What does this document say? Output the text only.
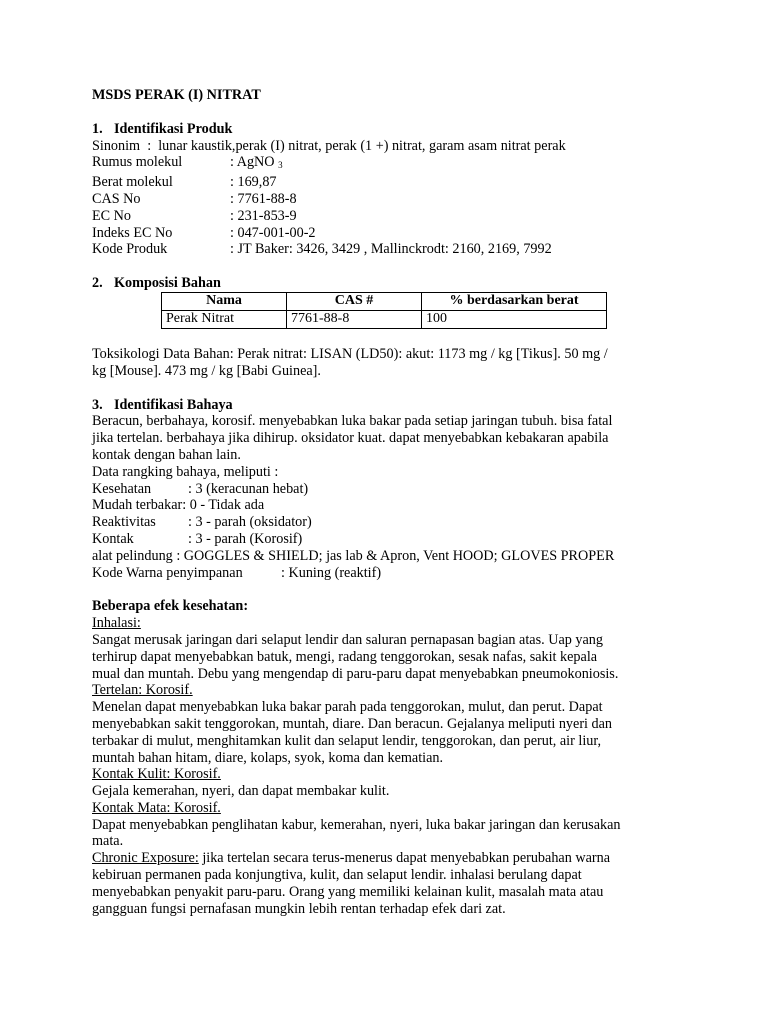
MSDS PERAK (I) NITRAT

1. Identifikasi Produk

Sinonim : lunar kaustik,perak (I) nitrat, perak (1 +) nitrat, garam asam nitrat perak

Rumus molekul	: AgNO $_3$
Berat molekul	: 169,87
CAS No	: 7761-88-8
EC No	: 231-853-9
Indeks EC No	: 047-001-00-2
Kode Produk	: JT Baker: 3426, 3429 , Mallinckrodt: 2160, 2169, 7992

2. Komposisi Bahan

Nama	CAS #	% berdasarkan berat
Perak Nitrat	7761-88-8	100

Toksikologi Data Bahan: Perak nitrat: LISAN (LD50): akut: 1173 mg / kg [Tikus]. 50 mg /

kg [Mouse]. 473 mg / kg [Babi Guinea].

3. Identifikasi Bahaya

Beracun, berbahaya, korosif. menyebabkan luka bakar pada setiap jaringan tubuh. bisa fatal

jika tertelan. berbahaya jika dihirup. oksidator kuat. dapat menyebabkan kebakaran apabila

kontak dengan bahan lain.

Data rangking bahaya, meliputi :

Kesehatan	: 3 (keracunan hebat)

Mudah terbakar: 0 - Tidak ada

Reaktivitas	: 3 - parah (oksidator)
Kontak	: 3 - parah (Korosif)

alat pelindung : GOGGLES & SHIELD; jas lab & Apron, Vent HOOD; GLOVES PROPER

Kode Warna penyimpanan	: Kuning (reaktif)

Beberapa efek kesehatan:

Inhalasi:

Sangat merusak jaringan dari selaput lendir dan saluran pernapasan bagian atas. Uap yang

terhirup dapat menyebabkan batuk, mengi, radang tenggorokan, sesak nafas, sakit kepala

mual dan muntah. Debu yang mengendap di paru-paru dapat menyebabkan pneumokoniosis.

Tertelan: Korosif.

Menelan dapat menyebabkan luka bakar parah pada tenggorokan, mulut, dan perut. Dapat

menyebabkan sakit tenggorokan, muntah, diare. Dan beracun. Gejalanya meliputi nyeri dan

terbakar di mulut, menghitamkan kulit dan selaput lendir, tenggorokan, dan perut, air liur,

muntah bahan hitam, diare, kolaps, syok, koma dan kematian.

Kontak Kulit: Korosif.

Gejala kemerahan, nyeri, dan dapat membakar kulit.

Kontak Mata: Korosif.

Dapat menyebabkan penglihatan kabur, kemerahan, nyeri, luka bakar jaringan dan kerusakan

mata.

Chronic Exposure: jika tertelan secara terus-menerus dapat menyebabkan perubahan warna

kebiruan permanen pada konjungtiva, kulit, dan selaput lendir. inhalasi berulang dapat

menyebabkan penyakit paru-paru. Orang yang memiliki kelainan kulit, masalah mata atau

gangguan fungsi pernafasan mungkin lebih rentan terhadap efek dari zat.
